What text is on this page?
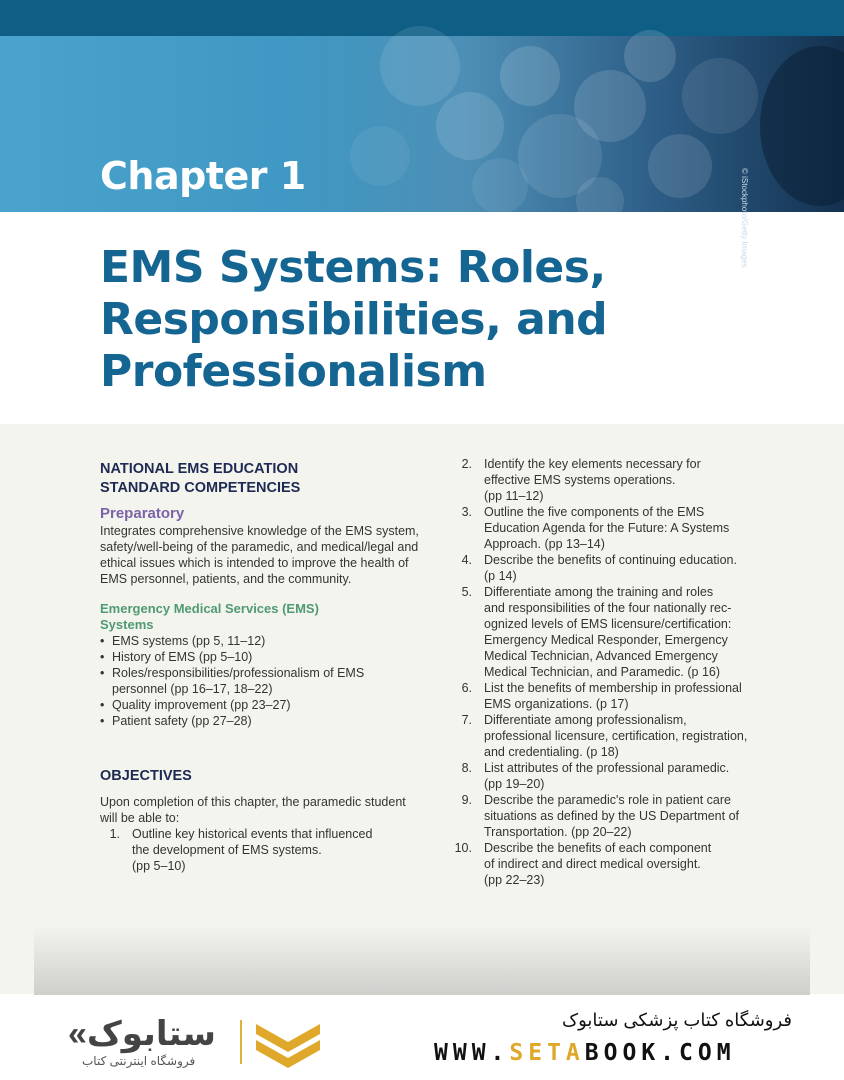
Chapter 1	© iStockphoto/Getty Images
EMS Systems: Roles,
Responsibilities, and
Professionalism
NATIONAL EMS EDUCATION
STANDARD COMPETENCIES
Preparatory
Integrates comprehensive knowledge of the EMS system, safety/well-being of the paramedic, and medical/legal and ethical issues which is intended to improve the health of EMS personnel, patients, and the community.
Emergency Medical Services (EMS)
Systems
• EMS systems (pp 5, 11–12)
• History of EMS (pp 5–10)
• Roles/responsibilities/professionalism of EMS personnel (pp 16–17, 18–22)
• Quality improvement (pp 23–27)
• Patient safety (pp 27–28)
OBJECTIVES
Upon completion of this chapter, the paramedic student will be able to:
1. Outline key historical events that influenced
the development of EMS systems.
(pp 5–10)
2. Identify the key elements necessary for
effective EMS systems operations.
(pp 11–12)
3. Outline the five components of the EMS
Education Agenda for the Future: A Systems
Approach. (pp 13–14)
4. Describe the benefits of continuing education.
(p 14)
5. Differentiate among the training and roles
and responsibilities of the four nationally rec-
ognized levels of EMS licensure/certification:
Emergency Medical Responder, Emergency
Medical Technician, Advanced Emergency
Medical Technician, and Paramedic. (p 16)
6. List the benefits of membership in professional
EMS organizations. (p 17)
7. Differentiate among professionalism,
professional licensure, certification, registration,
and credentialing. (p 18)
8. List attributes of the professional paramedic.
(pp 19–20)
9. Describe the paramedic's role in patient care
situations as defined by the US Department of
Transportation. (pp 20–22)
10. Describe the benefits of each component
of indirect and direct medical oversight.
(pp 22–23)
«ستابوک
فروشگاه اینترنتی کتاب
فروشگاه کتاب پزشکی ستابوک
WWW.SETABOOK.COM
